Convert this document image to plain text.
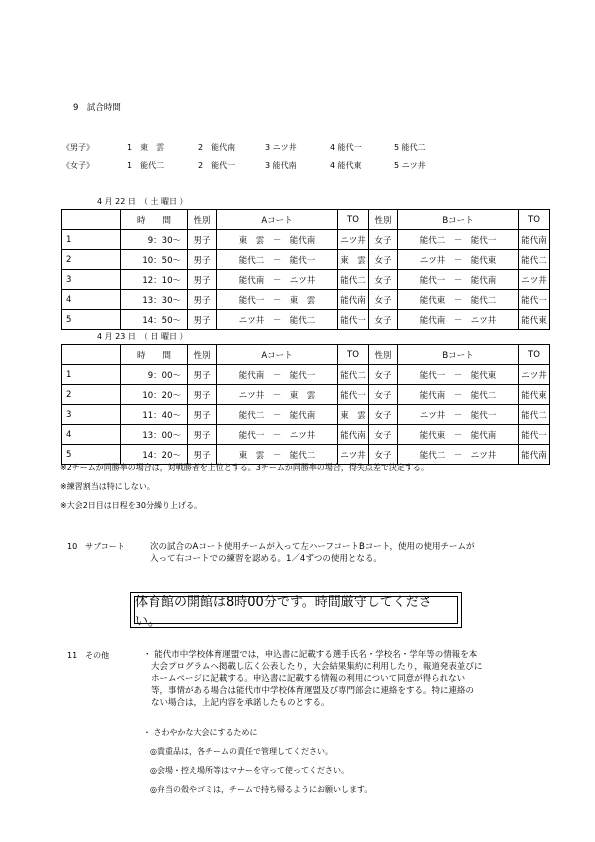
9　試合時間
《男子》	1　東　雲	2　能代南	3 ニツ井	4 能代一	5 能代二
《女子》	1　能代二	2　能代一	3 能代南	4 能代東	5 ニツ井
4 月 22 日　（ 土 曜日 ）
	時　　間	性別	Aコート	TO	性別	Bコート	TO
1	9：30～	男子	東　雲　－　能代南	ニツ井	女子	能代二　－　能代一	能代南
2	10：50～	男子	能代二　－　能代一	東　雲	女子	ニツ井　－　能代東	能代二
3	12：10～	男子	能代南　－　ニツ井	能代二	女子	能代一　－　能代南	ニツ井
4	13：30～	男子	能代一　－　東　雲	能代南	女子	能代東　－　能代二	能代一
5	14：50～	男子	ニツ井　－　能代二	能代一	女子	能代南　－　ニツ井	能代東
4 月 23 日　（ 日 曜日 ）
	時　　間	性別	Aコート	TO	性別	Bコート	TO
1	9：00～	男子	能代南　－　能代一	能代二	女子	能代一　－　能代東	ニツ井
2	10：20～	男子	ニツ井　－　東　雲	能代一	女子	能代南　－　能代二	能代東
3	11：40～	男子	能代二　－　能代南	東　雲	女子	ニツ井　－　能代一	能代二
4	13：00～	男子	能代一　－　ニツ井	能代南	女子	能代東　－　能代南	能代一
5	14：20～	男子	東　雲　－　能代二	ニツ井	女子	能代二　－　ニツ井	能代南
※2チームが同勝率の場合は，対戦勝者を上位とする。3チームが同勝率の場合，得失点差で決定する。
※練習割当は特にしない。
※大会2日目は日程を30分繰り上げる。
10　サブコート	次の試合のAコート使用チームが入って左ハーフコートBコート，使用の使用チームが
入って右コートでの練習を認める。1／4ずつの使用となる。
体育館の開館は8時00分です。時間厳守してください。
11　その他	・ 能代市中学校体育運盟では，申込書に記載する選手氏名・学校名・学年等の情報を本
大会プログラムへ掲載し広く公表したり，大会結果集約に利用したり，報道発表並びに
ホームページに記載する。申込書に記載する情報の利用について同意が得られない
等，事情がある場合は能代市中学校体育運盟及び専門部会に連絡をする。特に連絡の
ない場合は，上記内容を承諾したものとする。
・ さわやかな大会にするために
◎貴重品は，各チームの責任で管理してください。
◎会場・控え場所等はマナーを守って使ってください。
◎弁当の殻やゴミは，チームで持ち帰るようにお願いします。
